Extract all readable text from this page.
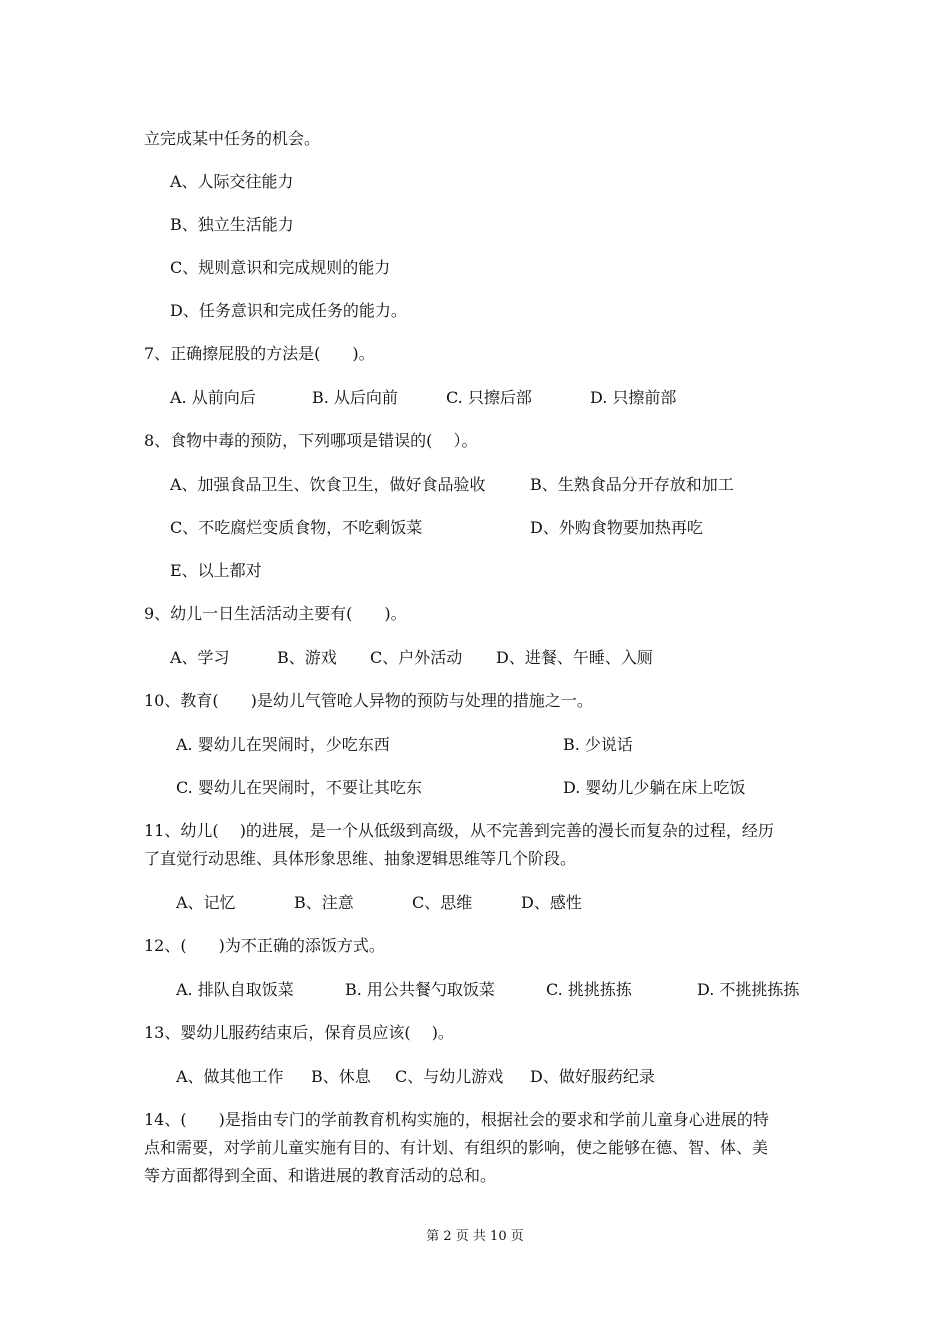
立完成某中任务的机会。
A、人际交往能力
B、独立生活能力
C、规则意识和完成规则的能力
D、任务意识和完成任务的能力。
7、正确擦屁股的方法是(　　)。
A. 从前向后	B. 从后向前	C. 只擦后部	D. 只擦前部
8、食物中毒的预防，下列哪项是错误的(　 ）。
A、加强食品卫生、饮食卫生，做好食品验收	B、生熟食品分开存放和加工
C、不吃腐烂变质食物，不吃剩饭菜	D、外购食物要加热再吃
E、以上都对
9、幼儿一日生活活动主要有(　　)。
A、学习	B、游戏 C、户外活动 D、进餐、午睡、入厕
10、教育(　　)是幼儿气管呛人异物的预防与处理的措施之一。
A. 婴幼儿在哭闹时，少吃东西	B. 少说话
C. 婴幼儿在哭闹时，不要让其吃东	D. 婴幼儿少躺在床上吃饭
11、幼儿(　 )的进展，是一个从低级到高级，从不完善到完善的漫长而复杂的过程，经历
了直觉行动思维、具体形象思维、抽象逻辑思维等几个阶段。
A、记忆	B、注意	C、思维	D、感性
12、(　　)为不正确的添饭方式。
A. 排队自取饭菜	B. 用公共餐勺取饭菜	C. 挑挑拣拣	D. 不挑挑拣拣
13、婴幼儿服药结束后，保育员应该(　 )。
A、做其他工作 B、休息 C、与幼儿游戏 D、做好服药纪录
14、(　　)是指由专门的学前教育机构实施的，根据社会的要求和学前儿童身心进展的特
点和需要，对学前儿童实施有目的、有计划、有组织的影响，使之能够在德、智、体、美
等方面都得到全面、和谐进展的教育活动的总和。
第 2 页 共 10 页
